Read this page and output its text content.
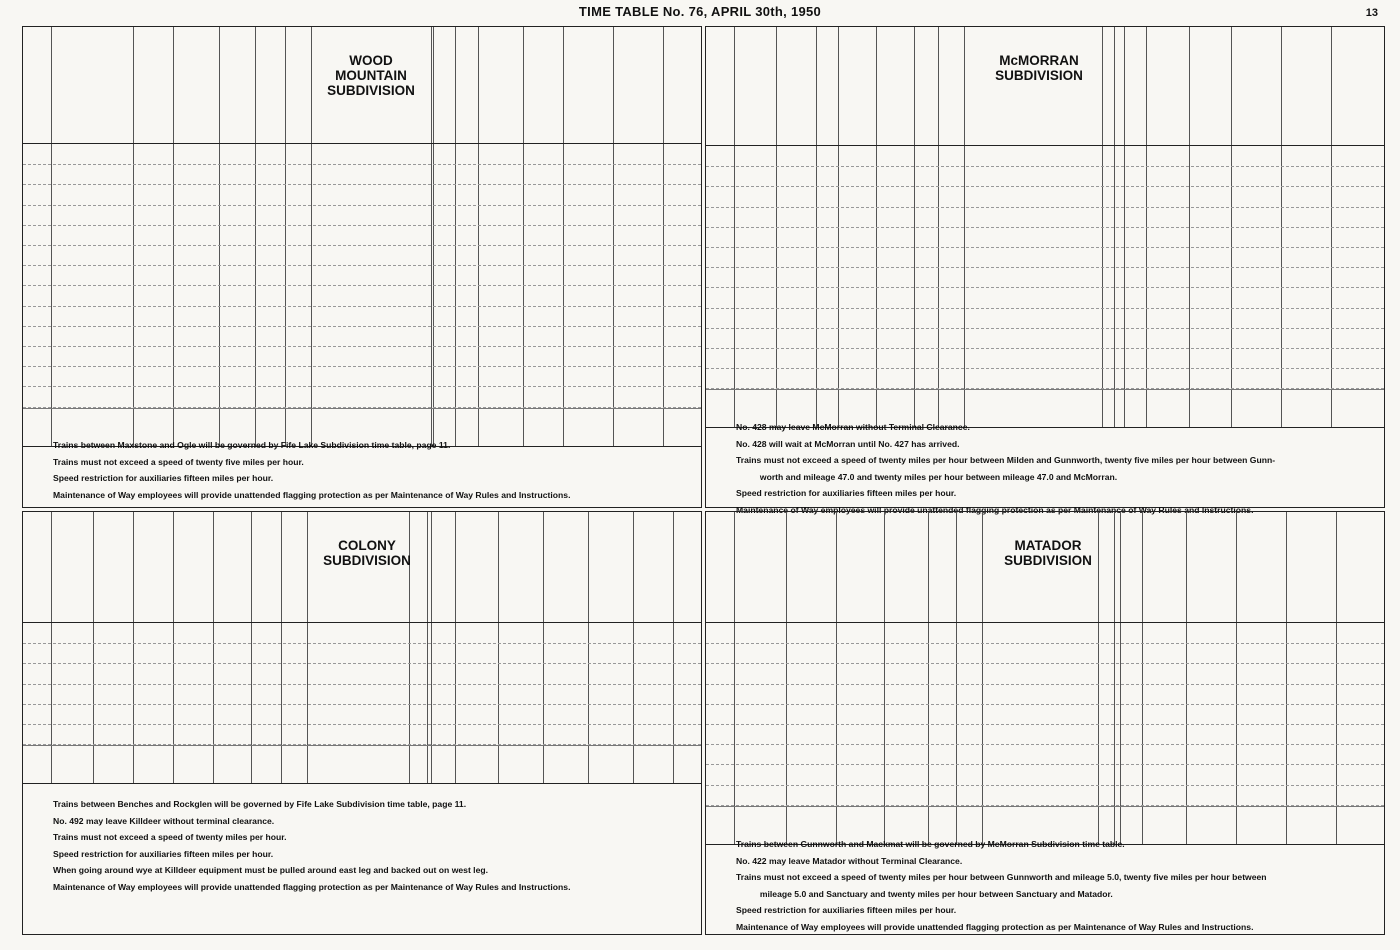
TIME TABLE No. 76, APRIL 30th, 1950	13
WOOD
MOUNTAIN
SUBDIVISION
Trains between Maxstone and Ogle will be governed by Fife Lake Subdivision time table, page 11.
Trains must not exceed a speed of twenty five miles per hour.
Speed restriction for auxiliaries fifteen miles per hour.
Maintenance of Way employees will provide unattended flagging protection as per Maintenance of Way Rules and Instructions.
McMORRAN
SUBDIVISION
No. 428 may leave McMorran without Terminal Clearance.
No. 428 will wait at McMorran until No. 427 has arrived.
Trains must not exceed a speed of twenty miles per hour between Milden and Gunnworth, twenty five miles per hour between Gunn-
worth and mileage 47.0 and twenty miles per hour between mileage 47.0 and McMorran.
Speed restriction for auxiliaries fifteen miles per hour.
Maintenance of Way employees will provide unattended flagging protection as per Maintenance of Way Rules and Instructions.
COLONY
SUBDIVISION
Trains between Benches and Rockglen will be governed by Fife Lake Subdivision time table, page 11.
No. 492 may leave Killdeer without terminal clearance.
Trains must not exceed a speed of twenty miles per hour.
Speed restriction for auxiliaries fifteen miles per hour.
When going around wye at Killdeer equipment must be pulled around east leg and backed out on west leg.
Maintenance of Way employees will provide unattended flagging protection as per Maintenance of Way Rules and Instructions.
MATADOR
SUBDIVISION
Trains between Gunnworth and Mackmat will be governed by McMorran Subdivision time table.
No. 422 may leave Matador without Terminal Clearance.
Trains must not exceed a speed of twenty miles per hour between Gunnworth and mileage 5.0, twenty five miles per hour between
mileage 5.0 and Sanctuary and twenty miles per hour between Sanctuary and Matador.
Speed restriction for auxiliaries fifteen miles per hour.
Maintenance of Way employees will provide unattended flagging protection as per Maintenance of Way Rules and Instructions.
